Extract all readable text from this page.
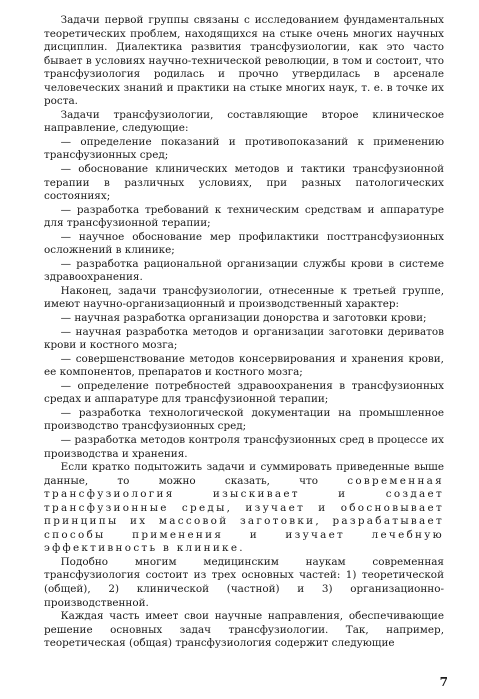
Задачи первой группы связаны с исследованием фундаментальных теоретических проблем, находящихся на стыке очень многих научных дисциплин. Диалектика развития трансфузиологии, как это часто бывает в условиях научно-технической революции, в том и состоит, что трансфузиология родилась и прочно утвердилась в арсенале человеческих знаний и практики на стыке многих наук, т. е. в точке их роста.

Задачи трансфузиологии, составляющие второе клиническое направление, следующие:

— определение показаний и противопоказаний к применению трансфузионных сред;

— обоснование клинических методов и тактики трансфузионной терапии в различных условиях, при разных патологических состояниях;

— разработка требований к техническим средствам и аппаратуре для трансфузионной терапии;

— научное обоснование мер профилактики посттрансфузионных осложнений в клинике;

— разработка рациональной организации службы крови в системе здравоохранения.

Наконец, задачи трансфузиологии, отнесенные к третьей группе, имеют научно-организационный и производственный характер:

— научная разработка организации донорства и заготовки крови;

— научная разработка методов и организации заготовки дериватов крови и костного мозга;

— совершенствование методов консервирования и хранения крови, ее компонентов, препаратов и костного мозга;

— определение потребностей здравоохранения в трансфузионных средах и аппаратуре для трансфузионной терапии;

— разработка технологической документации на промышленное производство трансфузионных сред;

— разработка методов контроля трансфузионных сред в процессе их производства и хранения.

Если кратко подытожить задачи и суммировать приведенные выше данные, то можно сказать, что	современная трансфузиология изыскивает и создает трансфузионные среды, изучает и обосновывает принципы их массовой заготовки, разрабатывает способы применения и изучает лечебную эффективность в клинике.

Подобно многим медицинским наукам современная трансфузиология состоит из трех основных частей: 1) теоретической (общей), 2) клинической (частной) и 3) организационно-производственной.

Каждая часть имеет свои научные направления, обеспечивающие решение основных задач трансфузиологии. Так, например, теоретическая (общая) трансфузиология содержит следующие

7
